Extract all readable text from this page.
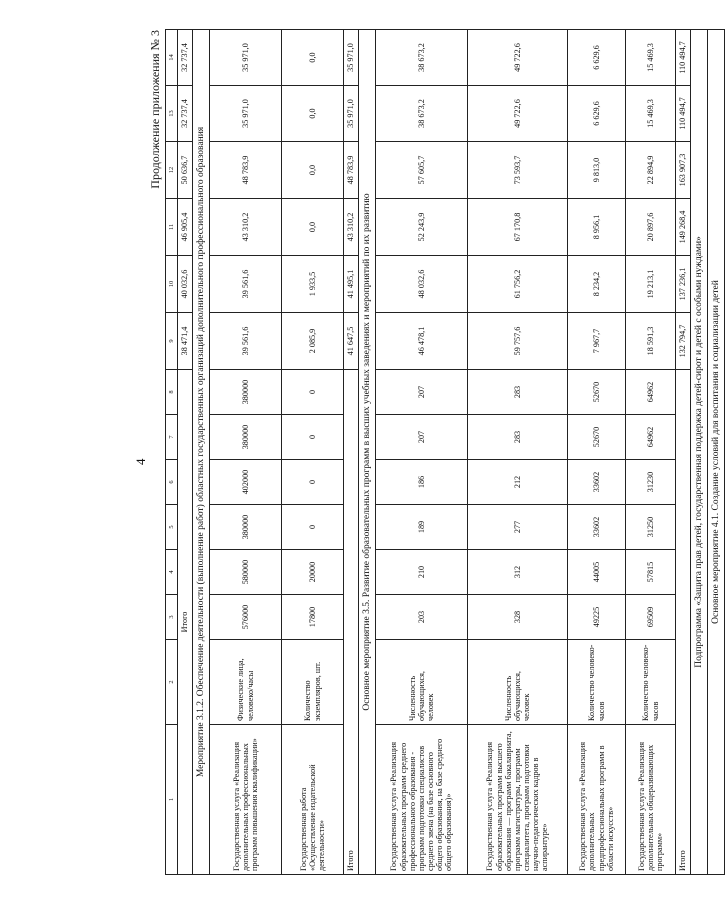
4
Продолжение приложения № 3
1	2	3	4	5	6	7	8	9	10	11	12	13	14
Итого								38 471,4	40 032,6	46 905,4	50 636,7	32 737,4	32 737,4
Мероприятие 3.1.2. Обеспечение деятельности (выполнение работ) областных государственных организаций дополнительного профессионального образования													
Государственная услуга «Реализация дополнительных профессиональных программ повышения квалификации»	Физические лица, человеко/часы	576000	580000	380000	402000	380000	380000	39 561,6	39 561,6	43 310,2	48 783,9	35 971,0	35 971,0
Государственная работа «Осуществление издательской деятельности»	Количество экземпляров, шт.	17800	20000	0	0	0	0	2 085,9	1 933,5	0,0	0,0	0,0	0,0
Итого								41 647,5	41 495,1	43 310,2	48 783,9	35 971,0	35 971,0
Основное мероприятие 3.5. Развитие образовательных программ в высших учебных заведениях и мероприятий по их развитию													
Государственная услуга «Реализация образовательных программ среднего профессионального образования - программ подготовки специалистов среднего звена (на базе основного общего образования, на базе среднего общего образования)»	Численность обучающихся, человек	203	210	189	186	207	207	46 478,1	48 032,6	52 243,9	57 605,7	38 673,2	38 673,2
Государственная услуга «Реализация образовательных программ высшего образования — программ бакалавриата, программ магистратуры, программ специалитета, программ подготовки научно-педагогических кадров в аспирантуре»	Численность обучающихся, человек	328	312	277	212	283	283	59 757,6	61 756,2	67 170,8	73 593,7	49 722,6	49 722,6
Государственная услуга «Реализация дополнительных предпрофессиональных программ в области искусств»	Количество человеко-часов	49225	44005	33602	33602	52670	52670	7 967,7	8 234,2	8 956,1	9 813,0	6 629,6	6 629,6
Государственная услуга «Реализация дополнительных общеразвивающих программ»	Количество человеко-часов	69509	57815	31250	31230	64962	64962	18 591,3	19 213,1	20 897,6	22 894,9	15 469,3	15 469,3
Итого								132 794,7	137 236,1	149 268,4	163 907,3	110 494,7	110 494,7
Подпрограмма «Защита прав детей, государственная поддержка детей-сирот и детей с особыми нуждами»													
Основное мероприятие 4.1. Создание условий для воспитания и социализации детей													
